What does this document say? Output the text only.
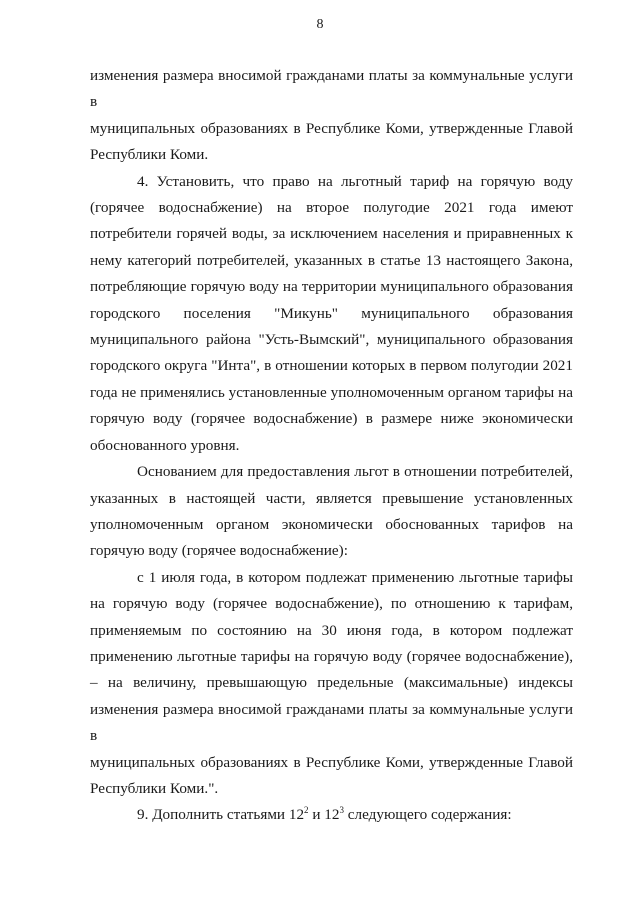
8
изменения размера вносимой гражданами платы за коммунальные услуги в
муниципальных образованиях в Республике Коми, утвержденные Главой
Республики Коми.
4. Установить, что право на льготный тариф на горячую воду
(горячее водоснабжение) на второе полугодие 2021 года имеют
потребители горячей воды, за исключением населения и приравненных к
нему категорий потребителей, указанных в статье 13 настоящего Закона,
потребляющие горячую воду на территории муниципального образования
городского поселения "Микунь" муниципального образования
муниципального района "Усть-Вымский", муниципального образования
городского округа "Инта", в отношении которых в первом полугодии 2021
года не применялись установленные уполномоченным органом тарифы на
горячую воду (горячее водоснабжение) в размере ниже экономически
обоснованного уровня.
Основанием для предоставления льгот в отношении потребителей,
указанных в настоящей части, является превышение установленных
уполномоченным органом экономически обоснованных тарифов на
горячую воду (горячее водоснабжение):
с 1 июля года, в котором подлежат применению льготные тарифы
на горячую воду (горячее водоснабжение), по отношению к тарифам,
применяемым по состоянию на 30 июня года, в котором подлежат
применению льготные тарифы на горячую воду (горячее водоснабжение),
– на величину, превышающую предельные (максимальные) индексы
изменения размера вносимой гражданами платы за коммунальные услуги в
муниципальных образованиях в Республике Коми, утвержденные Главой
Республики Коми.".
9. Дополнить статьями $12^2$ и $12^3$ следующего содержания:
